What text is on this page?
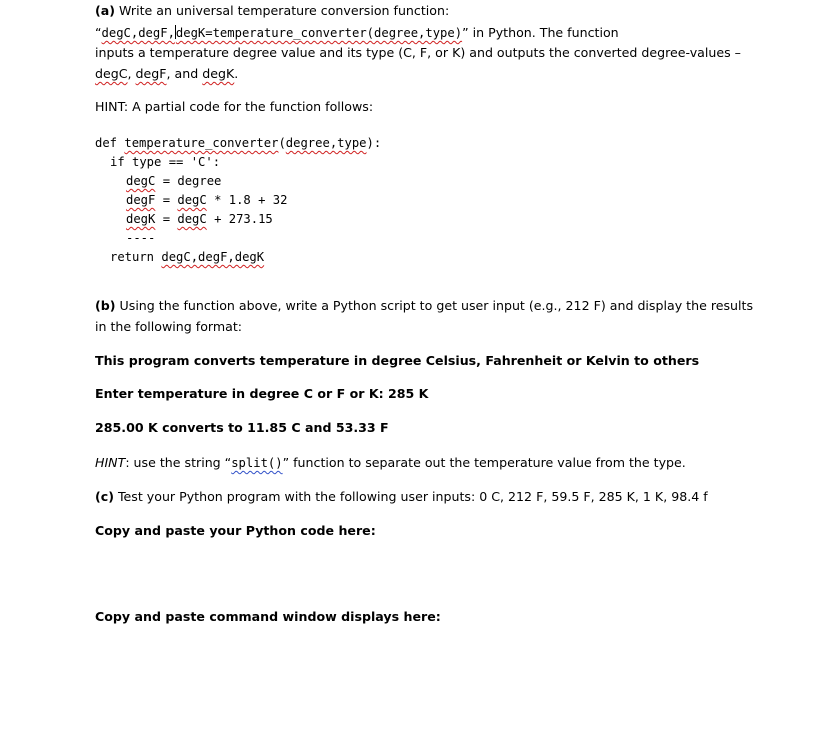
(a) Write an universal temperature conversion function:
“degC,degF,degK=temperature_converter(degree,type)” in Python. The function
inputs a temperature degree value and its type (C, F, or K) and outputs the converted degree-values –
degC, degF, and degK.
HINT: A partial code for the function follows:
def temperature_converter(degree,type):
if type == 'C':
degC = degree
degF = degC * 1.8 + 32
degK = degC + 273.15
----
return degC,degF,degK
(b) Using the function above, write a Python script to get user input (e.g., 212 F) and display the results
in the following format:
This program converts temperature in degree Celsius, Fahrenheit or Kelvin to others
Enter temperature in degree C or F or K: 285 K
285.00 K converts to 11.85 C and 53.33 F
HINT: use the string “split()” function to separate out the temperature value from the type.
(c) Test your Python program with the following user inputs: 0 C, 212 F, 59.5 F, 285 K, 1 K, 98.4 f
Copy and paste your Python code here:
Copy and paste command window displays here:
